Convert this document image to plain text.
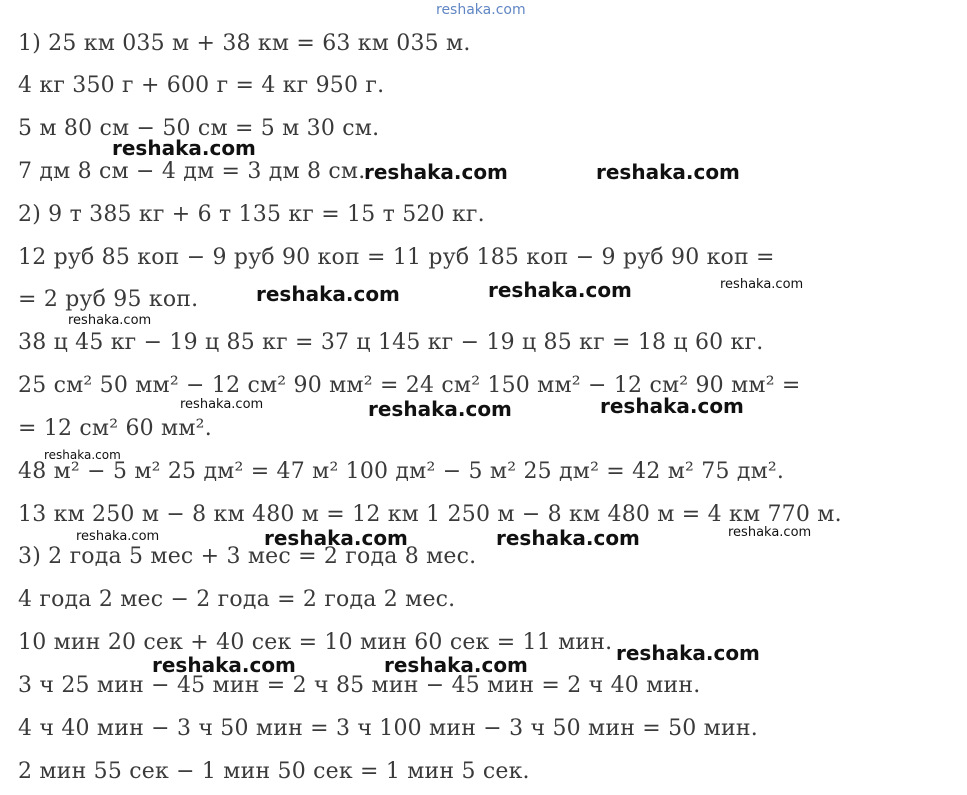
reshaka.com
reshaka.com
reshaka.com	reshaka.com
reshaka.com	reshaka.com	reshaka.com
reshaka.com
reshaka.com	reshaka.com	reshaka.com
reshaka.com
reshaka.com	reshaka.com	reshaka.com	reshaka.com
reshaka.com
reshaka.com	reshaka.com
1) 25 км 035 м + 38 км = 63 км 035 м.
4 кг 350 г + 600 г = 4 кг 950 г.
5 м 80 см − 50 см = 5 м 30 см.
7 дм 8 см − 4 дм = 3 дм 8 см.
2) 9 т 385 кг + 6 т 135 кг = 15 т 520 кг.
12 руб 85 коп − 9 руб 90 коп = 11 руб 185 коп − 9 руб 90 коп =
= 2 руб 95 коп.
38 ц 45 кг − 19 ц 85 кг = 37 ц 145 кг − 19 ц 85 кг = 18 ц 60 кг.
25 см² 50 мм² − 12 см² 90 мм² = 24 см² 150 мм² − 12 см² 90 мм² =
= 12 см² 60 мм².
48 м² − 5 м² 25 дм² = 47 м² 100 дм² − 5 м² 25 дм² = 42 м² 75 дм².
13 км 250 м − 8 км 480 м = 12 км 1 250 м − 8 км 480 м = 4 км 770 м.
3) 2 года 5 мес + 3 мес = 2 года 8 мес.
4 года 2 мес − 2 года = 2 года 2 мес.
10 мин 20 сек + 40 сек = 10 мин 60 сек = 11 мин.
3 ч 25 мин − 45 мин = 2 ч 85 мин − 45 мин = 2 ч 40 мин.
4 ч 40 мин − 3 ч 50 мин = 3 ч 100 мин − 3 ч 50 мин = 50 мин.
2 мин 55 сек − 1 мин 50 сек = 1 мин 5 сек.
